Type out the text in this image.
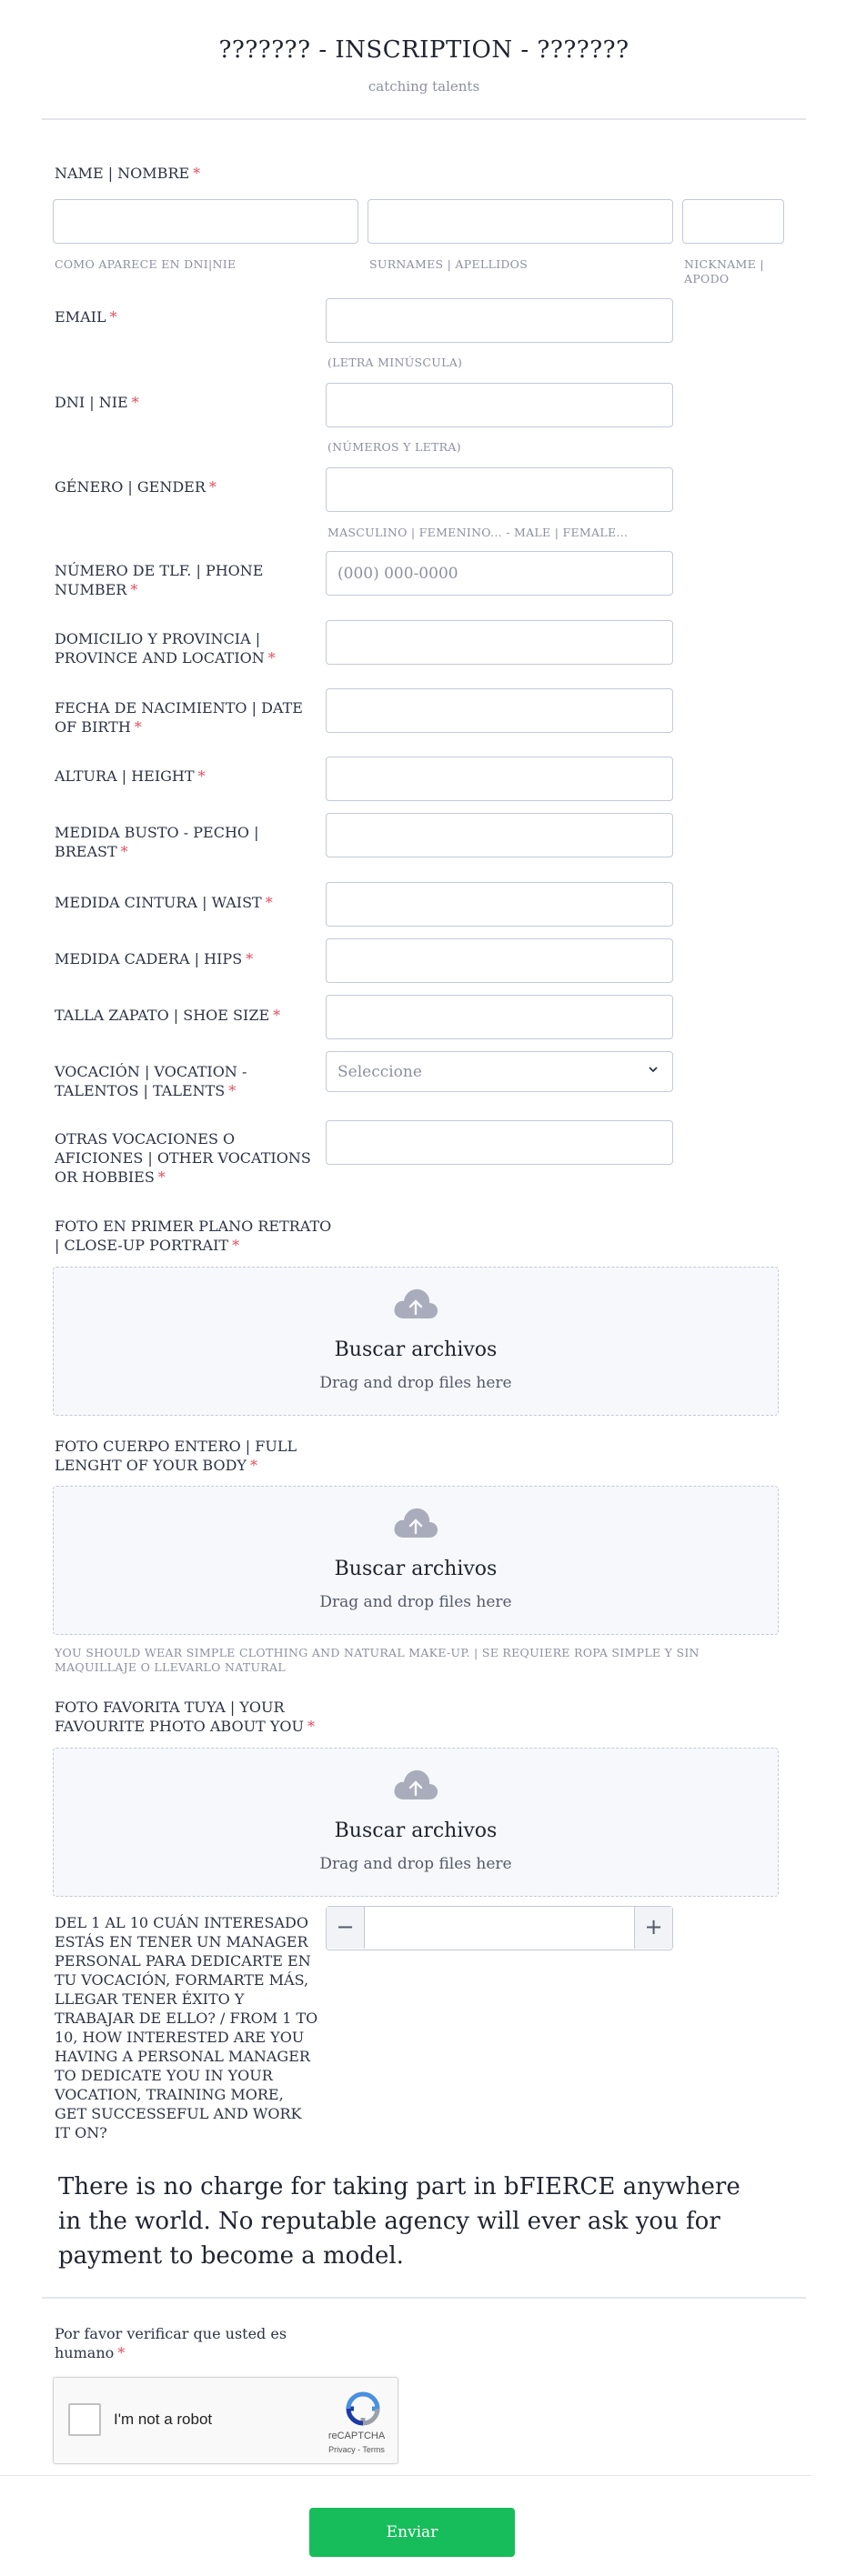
??????? - INSCRIPTION - ???????
catching talents
NAME | NOMBRE *
COMO APARECE EN DNI|NIE	SURNAMES | APELLIDOS	NICKNAME | APODO
EMAIL *
(LETRA MINÚSCULA)
DNI | NIE *
(NÚMEROS Y LETRA)
GÉNERO | GENDER *
MASCULINO | FEMENINO... - MALE | FEMALE...
NÚMERO DE TLF. | PHONE NUMBER *
(000) 000-0000
DOMICILIO Y PROVINCIA | PROVINCE AND LOCATION *
FECHA DE NACIMIENTO | DATE OF BIRTH *
ALTURA | HEIGHT *
MEDIDA BUSTO - PECHO | BREAST *
MEDIDA CINTURA | WAIST *
MEDIDA CADERA | HIPS *
TALLA ZAPATO | SHOE SIZE *
VOCACIÓN | VOCATION - TALENTOS | TALENTS *
Seleccione
OTRAS VOCACIONES O AFICIONES | OTHER VOCATIONS OR HOBBIES *
FOTO EN PRIMER PLANO RETRATO | CLOSE-UP PORTRAIT *
Buscar archivos
Drag and drop files here
FOTO CUERPO ENTERO | FULL LENGHT OF YOUR BODY *
Buscar archivos
Drag and drop files here
YOU SHOULD WEAR SIMPLE CLOTHING AND NATURAL MAKE-UP. | SE REQUIERE ROPA SIMPLE Y SIN MAQUILLAJE O LLEVARLO NATURAL
FOTO FAVORITA TUYA | YOUR FAVOURITE PHOTO ABOUT YOU *
Buscar archivos
Drag and drop files here
DEL 1 AL 10 CUÁN INTERESADO ESTÁS EN TENER UN MANAGER PERSONAL PARA DEDICARTE EN TU VOCACIÓN, FORMARTE MÁS, LLEGAR TENER ÉXITO Y TRABAJAR DE ELLO? / FROM 1 TO 10, HOW INTERESTED ARE YOU HAVING A PERSONAL MANAGER TO DEDICATE YOU IN YOUR VOCATION, TRAINING MORE, GET SUCCESSEFUL AND WORK IT ON?
−	+
There is no charge for taking part in bFIERCE anywhere in the world. No reputable agency will ever ask you for payment to become a model.
Por favor verificar que usted es humano *
I'm not a robot
reCAPTCHA
Privacy - Terms
Enviar
